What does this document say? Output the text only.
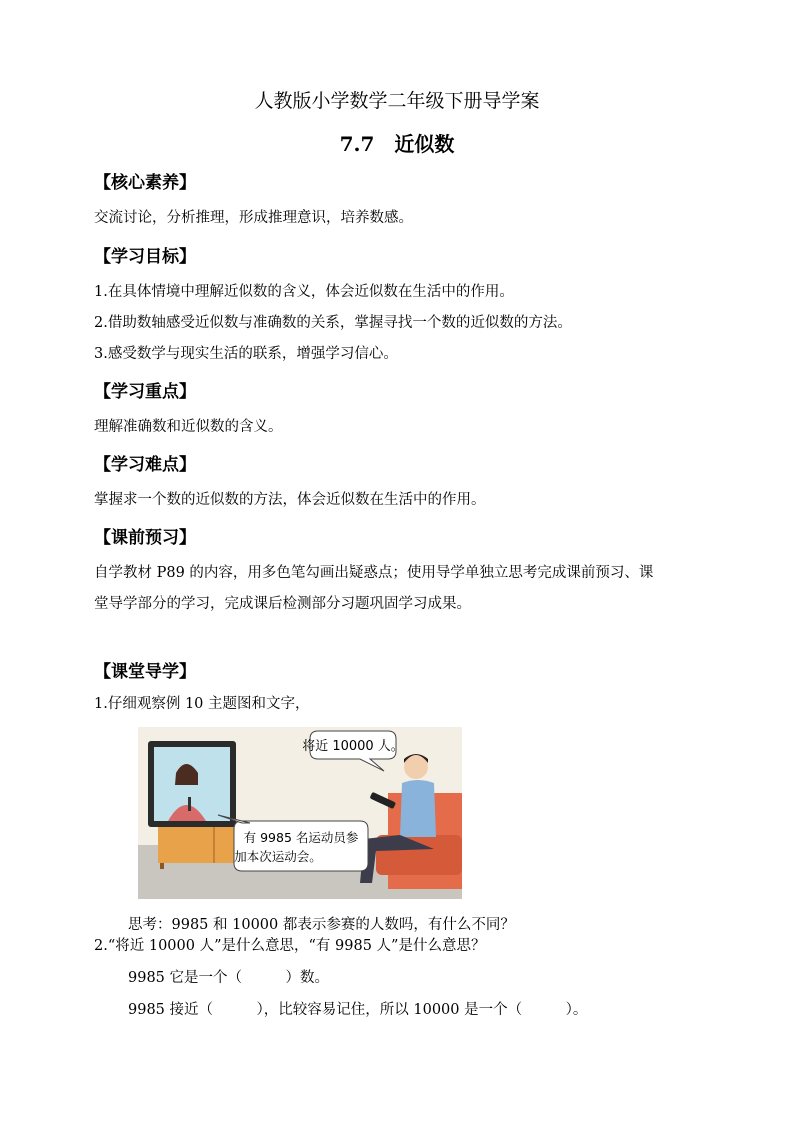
人教版小学数学二年级下册导学案
7.7　近似数
【核心素养】
交流讨论，分析推理，形成推理意识，培养数感。
【学习目标】
1.在具体情境中理解近似数的含义，体会近似数在生活中的作用。
2.借助数轴感受近似数与准确数的关系，掌握寻找一个数的近似数的方法。
3.感受数学与现实生活的联系，增强学习信心。
【学习重点】
理解准确数和近似数的含义。
【学习难点】
掌握求一个数的近似数的方法，体会近似数在生活中的作用。
【课前预习】
自学教材 P89 的内容，用多色笔勾画出疑惑点；使用导学单独立思考完成课前预习、课
堂导学部分的学习，完成课后检测部分习题巩固学习成果。
【课堂导学】
1.仔细观察例 10 主题图和文字，
将近 10000 人。
有 9985 名运动员参
加本次运动会。
思考：9985 和 10000 都表示参赛的人数吗，有什么不同？
2.“将近 10000 人”是什么意思，“有 9985 人”是什么意思？
9985 它是一个（　　　）数。
9985 接近（　　　），比较容易记住，所以 10000 是一个（　　　）。
